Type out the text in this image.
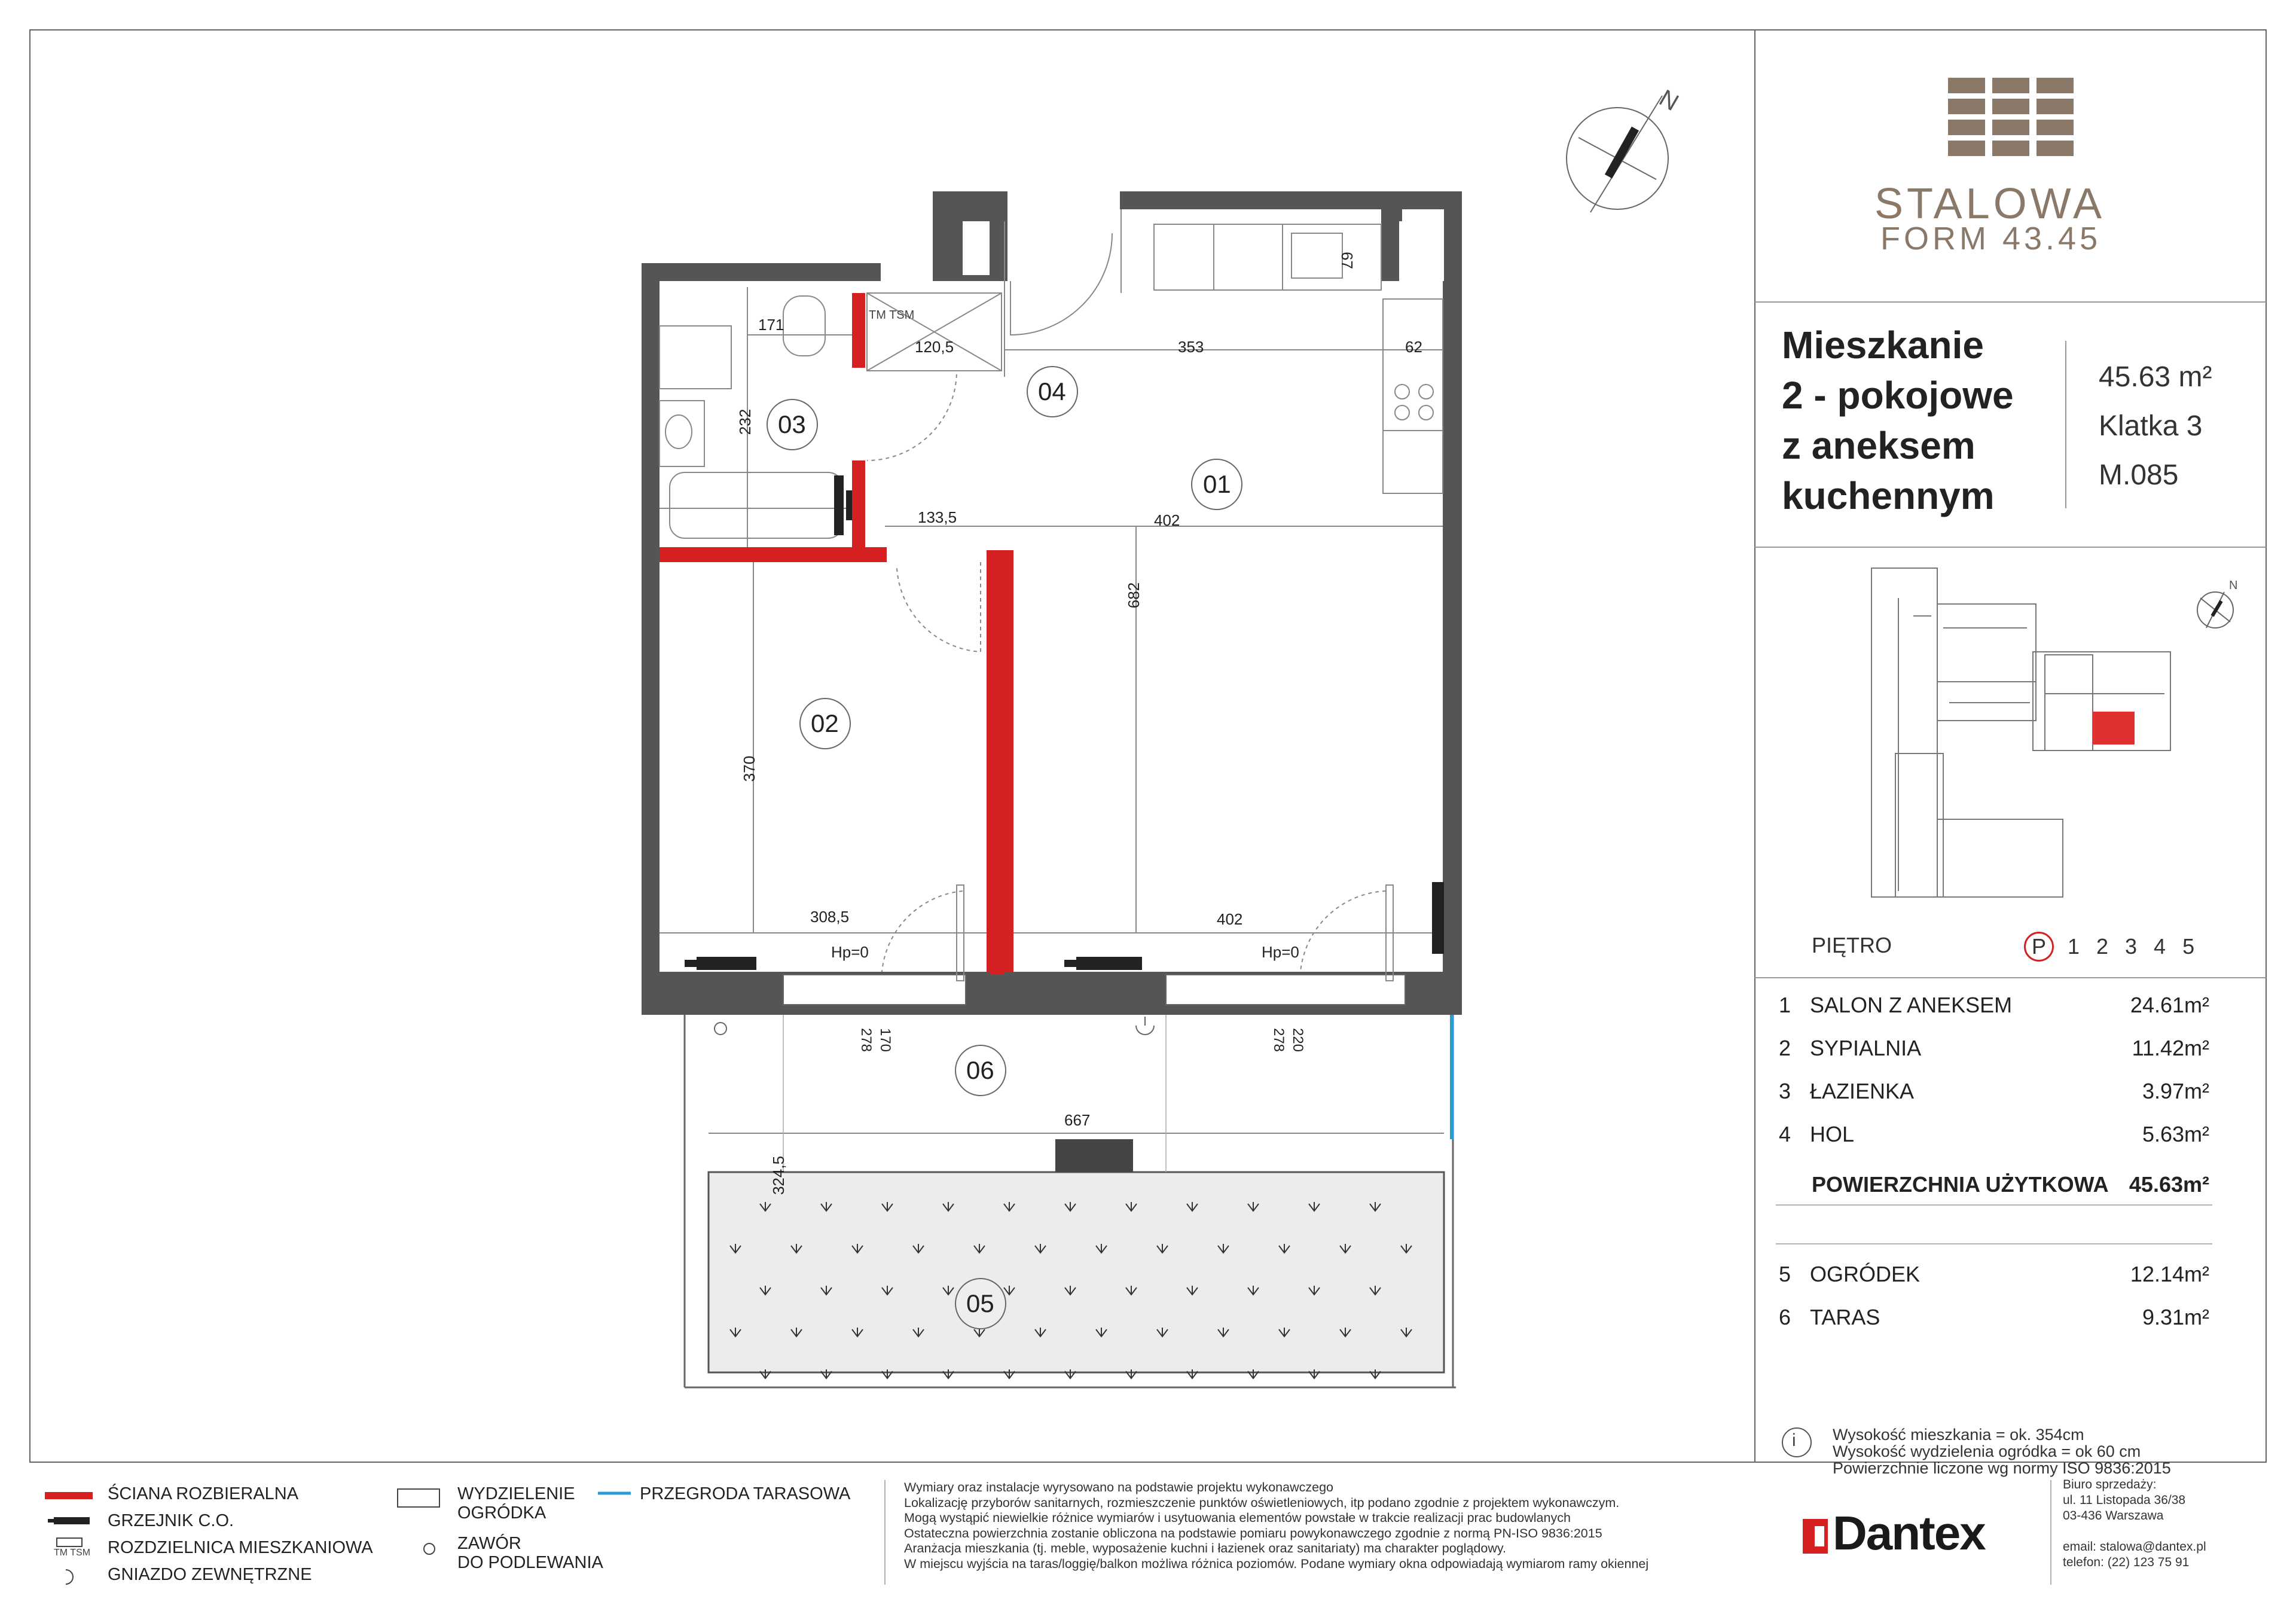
N
TM TSM
N
01
02
03
04
05
06
171
120,5	353	62
67
232
133,5	402
682
370
308,5	402
Hp=0	Hp=0
170
278	220
278
667
324,5
STALOWA
FORM 43.45
Mieszkanie
2 - pokojowe
z aneksem
kuchennym
45.63 m²
Klatka 3
M.085
PIĘTRO	P 1 2 3 4 5
1 SALON Z ANEKSEM	24.61m²
2 SYPIALNIA	11.42m²
3 ŁAZIENKA	3.97m²
4 HOL	5.63m²
POWIERZCHNIA UŻYTKOWA 45.63m²
5 OGRÓDEK	12.14m²
6 TARAS	9.31m²
i Wysokość mieszkania = ok. 354cm
Wysokość wydzielenia ogródka = ok 60 cm
Powierzchnie liczone wg normy ISO 9836:2015
ŚCIANA ROZBIERALNA
GRZEJNIK C.O.
ROZDZIELNICA MIESZKANIOWA
GNIAZDO ZEWNĘTRZNE
TM TSM
WYDZIELENIE
OGRÓDKA
ZAWÓR
DO PODLEWANIA
PRZEGRODA TARASOWA	Wymiary oraz instalacje wyrysowano na podstawie projektu wykonawczego
Lokalizację przyborów sanitarnych, rozmieszczenie punktów oświetleniowych, itp podano zgodnie z projektem wykonawczym.
Mogą wystąpić niewielkie różnice wymiarów i usytuowania elementów powstałe w trakcie realizacji prac budowlanych
Ostateczna powierzchnia zostanie obliczona na podstawie pomiaru powykonawczego zgodnie z normą PN-ISO 9836:2015
Aranżacja mieszkania (tj. meble, wyposażenie kuchni i łazienek oraz sanitariaty) ma charakter poglądowy.
W miejscu wyjścia na taras/loggię/balkon możliwa różnica poziomów. Podane wymiary okna odpowiadają wymiarom ramy okiennej
Dantex
Biuro sprzedaży:
ul. 11 Listopada 36/38
03-436 Warszawa

email: stalowa@dantex.pl
telefon: (22) 123 75 91
